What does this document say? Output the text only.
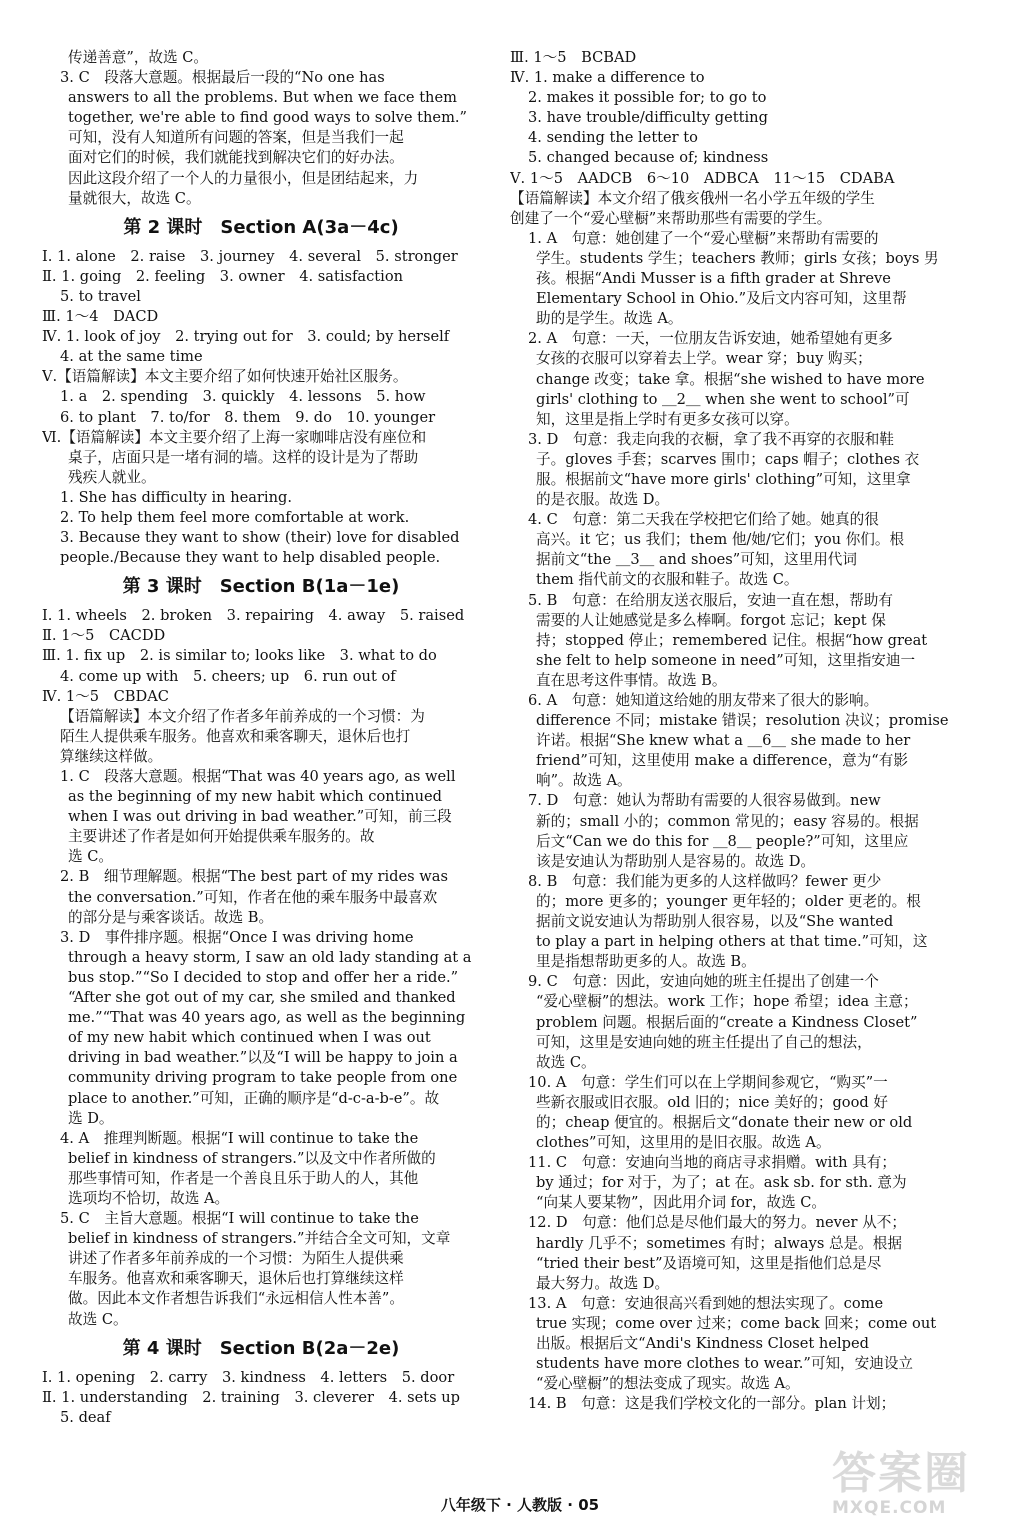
传递善意”，故选 C。
3. C　段落大意题。根据最后一段的“No one has
answers to all the problems. But when we face them
together, we're able to find good ways to solve them.”
可知，没有人知道所有问题的答案，但是当我们一起
面对它们的时候，我们就能找到解决它们的好办法。
因此这段介绍了一个人的力量很小，但是团结起来，力
量就很大，故选 C。
第 2 课时　Section A(3a－4c)
Ⅰ. 1. alone　2. raise　3. journey　4. several　5. stronger
Ⅱ. 1. going　2. feeling　3. owner　4. satisfaction
5. to travel
Ⅲ. 1～4　DACD
Ⅳ. 1. look of joy　2. trying out for　3. could; by herself
4. at the same time
Ⅴ.【语篇解读】本文主要介绍了如何快速开始社区服务。
1. a　2. spending　3. quickly　4. lessons　5. how
6. to plant　7. to/for　8. them　9. do　10. younger
Ⅵ.【语篇解读】本文主要介绍了上海一家咖啡店没有座位和
桌子，店面只是一堵有洞的墙。这样的设计是为了帮助
残疾人就业。
1. She has difficulty in hearing.
2. To help them feel more comfortable at work.
3. Because they want to show (their) love for disabled
people./Because they want to help disabled people.
第 3 课时　Section B(1a－1e)
Ⅰ. 1. wheels　2. broken　3. repairing　4. away　5. raised
Ⅱ. 1～5　CACDD
Ⅲ. 1. fix up　2. is similar to; looks like　3. what to do
4. come up with　5. cheers; up　6. run out of
Ⅳ. 1～5　CBDAC
【语篇解读】本文介绍了作者多年前养成的一个习惯：为
陌生人提供乘车服务。他喜欢和乘客聊天，退休后也打
算继续这样做。
1. C　段落大意题。根据“That was 40 years ago, as well
as the beginning of my new habit which continued
when I was out driving in bad weather.”可知，前三段
主要讲述了作者是如何开始提供乘车服务的。故
选 C。
2. B　细节理解题。根据“The best part of my rides was
the conversation.”可知，作者在他的乘车服务中最喜欢
的部分是与乘客谈话。故选 B。
3. D　事件排序题。根据“Once I was driving home
through a heavy storm, I saw an old lady standing at a
bus stop.”“So I decided to stop and offer her a ride.”
“After she got out of my car, she smiled and thanked
me.”“That was 40 years ago, as well as the beginning
of my new habit which continued when I was out
driving in bad weather.”以及“I will be happy to join a
community driving program to take people from one
place to another.”可知，正确的顺序是“d-c-a-b-e”。故
选 D。
4. A　推理判断题。根据“I will continue to take the
belief in kindness of strangers.”以及文中作者所做的
那些事情可知，作者是一个善良且乐于助人的人，其他
选项均不恰切，故选 A。
5. C　主旨大意题。根据“I will continue to take the
belief in kindness of strangers.”并结合全文可知，文章
讲述了作者多年前养成的一个习惯：为陌生人提供乘
车服务。他喜欢和乘客聊天，退休后也打算继续这样
做。因此本文作者想告诉我们“永远相信人性本善”。
故选 C。
第 4 课时　Section B(2a－2e)
Ⅰ. 1. opening　2. carry　3. kindness　4. letters　5. door
Ⅱ. 1. understanding　2. training　3. cleverer　4. sets up
5. deaf
Ⅲ. 1～5　BCBAD
Ⅳ. 1. make a difference to
2. makes it possible for; to go to
3. have trouble/difficulty getting
4. sending the letter to
5. changed because of; kindness
Ⅴ. 1～5　AADCB　6～10　ADBCA　11～15　CDABA
【语篇解读】本文介绍了俄亥俄州一名小学五年级的学生
创建了一个“爱心壁橱”来帮助那些有需要的学生。
1. A　句意：她创建了一个“爱心壁橱”来帮助有需要的
学生。students 学生；teachers 教师；girls 女孩；boys 男
孩。根据“Andi Musser is a fifth grader at Shreve
Elementary School in Ohio.”及后文内容可知，这里帮
助的是学生。故选 A。
2. A　句意：一天，一位朋友告诉安迪，她希望她有更多
女孩的衣服可以穿着去上学。wear 穿；buy 购买；
change 改变；take 拿。根据“she wished to have more
girls' clothing to ＿2＿ when she went to school”可
知，这里是指上学时有更多女孩可以穿。
3. D　句意：我走向我的衣橱，拿了我不再穿的衣服和鞋
子。gloves 手套；scarves 围巾；caps 帽子；clothes 衣
服。根据前文“have more girls' clothing”可知，这里拿
的是衣服。故选 D。
4. C　句意：第二天我在学校把它们给了她。她真的很
高兴。it 它；us 我们；them 他/她/它们；you 你们。根
据前文“the ＿3＿ and shoes”可知，这里用代词
them 指代前文的衣服和鞋子。故选 C。
5. B　句意：在给朋友送衣服后，安迪一直在想，帮助有
需要的人让她感觉是多么棒啊。forgot 忘记；kept 保
持；stopped 停止；remembered 记住。根据“how great
she felt to help someone in need”可知，这里指安迪一
直在思考这件事情。故选 B。
6. A　句意：她知道这给她的朋友带来了很大的影响。
difference 不同；mistake 错误；resolution 决议；promise
许诺。根据“She knew what a ＿6＿ she made to her
friend”可知，这里使用 make a difference，意为“有影
响”。故选 A。
7. D　句意：她认为帮助有需要的人很容易做到。new
新的；small 小的；common 常见的；easy 容易的。根据
后文“Can we do this for ＿8＿ people?”可知，这里应
该是安迪认为帮助别人是容易的。故选 D。
8. B　句意：我们能为更多的人这样做吗？fewer 更少
的；more 更多的；younger 更年轻的；older 更老的。根
据前文说安迪认为帮助别人很容易，以及“She wanted
to play a part in helping others at that time.”可知，这
里是指想帮助更多的人。故选 B。
9. C　句意：因此，安迪向她的班主任提出了创建一个
“爱心壁橱”的想法。work 工作；hope 希望；idea 主意；
problem 问题。根据后面的“create a Kindness Closet”
可知，这里是安迪向她的班主任提出了自己的想法，
故选 C。
10. A　句意：学生们可以在上学期间参观它，“购买”一
些新衣服或旧衣服。old 旧的；nice 美好的；good 好
的；cheap 便宜的。根据后文“donate their new or old
clothes”可知，这里用的是旧衣服。故选 A。
11. C　句意：安迪向当地的商店寻求捐赠。with 具有；
by 通过；for 对于，为了；at 在。ask sb. for sth. 意为
“向某人要某物”，因此用介词 for，故选 C。
12. D　句意：他们总是尽他们最大的努力。never 从不；
hardly 几乎不；sometimes 有时；always 总是。根据
“tried their best”及语境可知，这里是指他们总是尽
最大努力。故选 D。
13. A　句意：安迪很高兴看到她的想法实现了。come
true 实现；come over 过来；come back 回来；come out
出版。根据后文“Andi's Kindness Closet helped
students have more clothes to wear.”可知，安迪设立
“爱心壁橱”的想法变成了现实。故选 A。
14. B　句意：这是我们学校文化的一部分。plan 计划；
八年级下 · 人教版 · 05
答案圈
MXQE.COM
